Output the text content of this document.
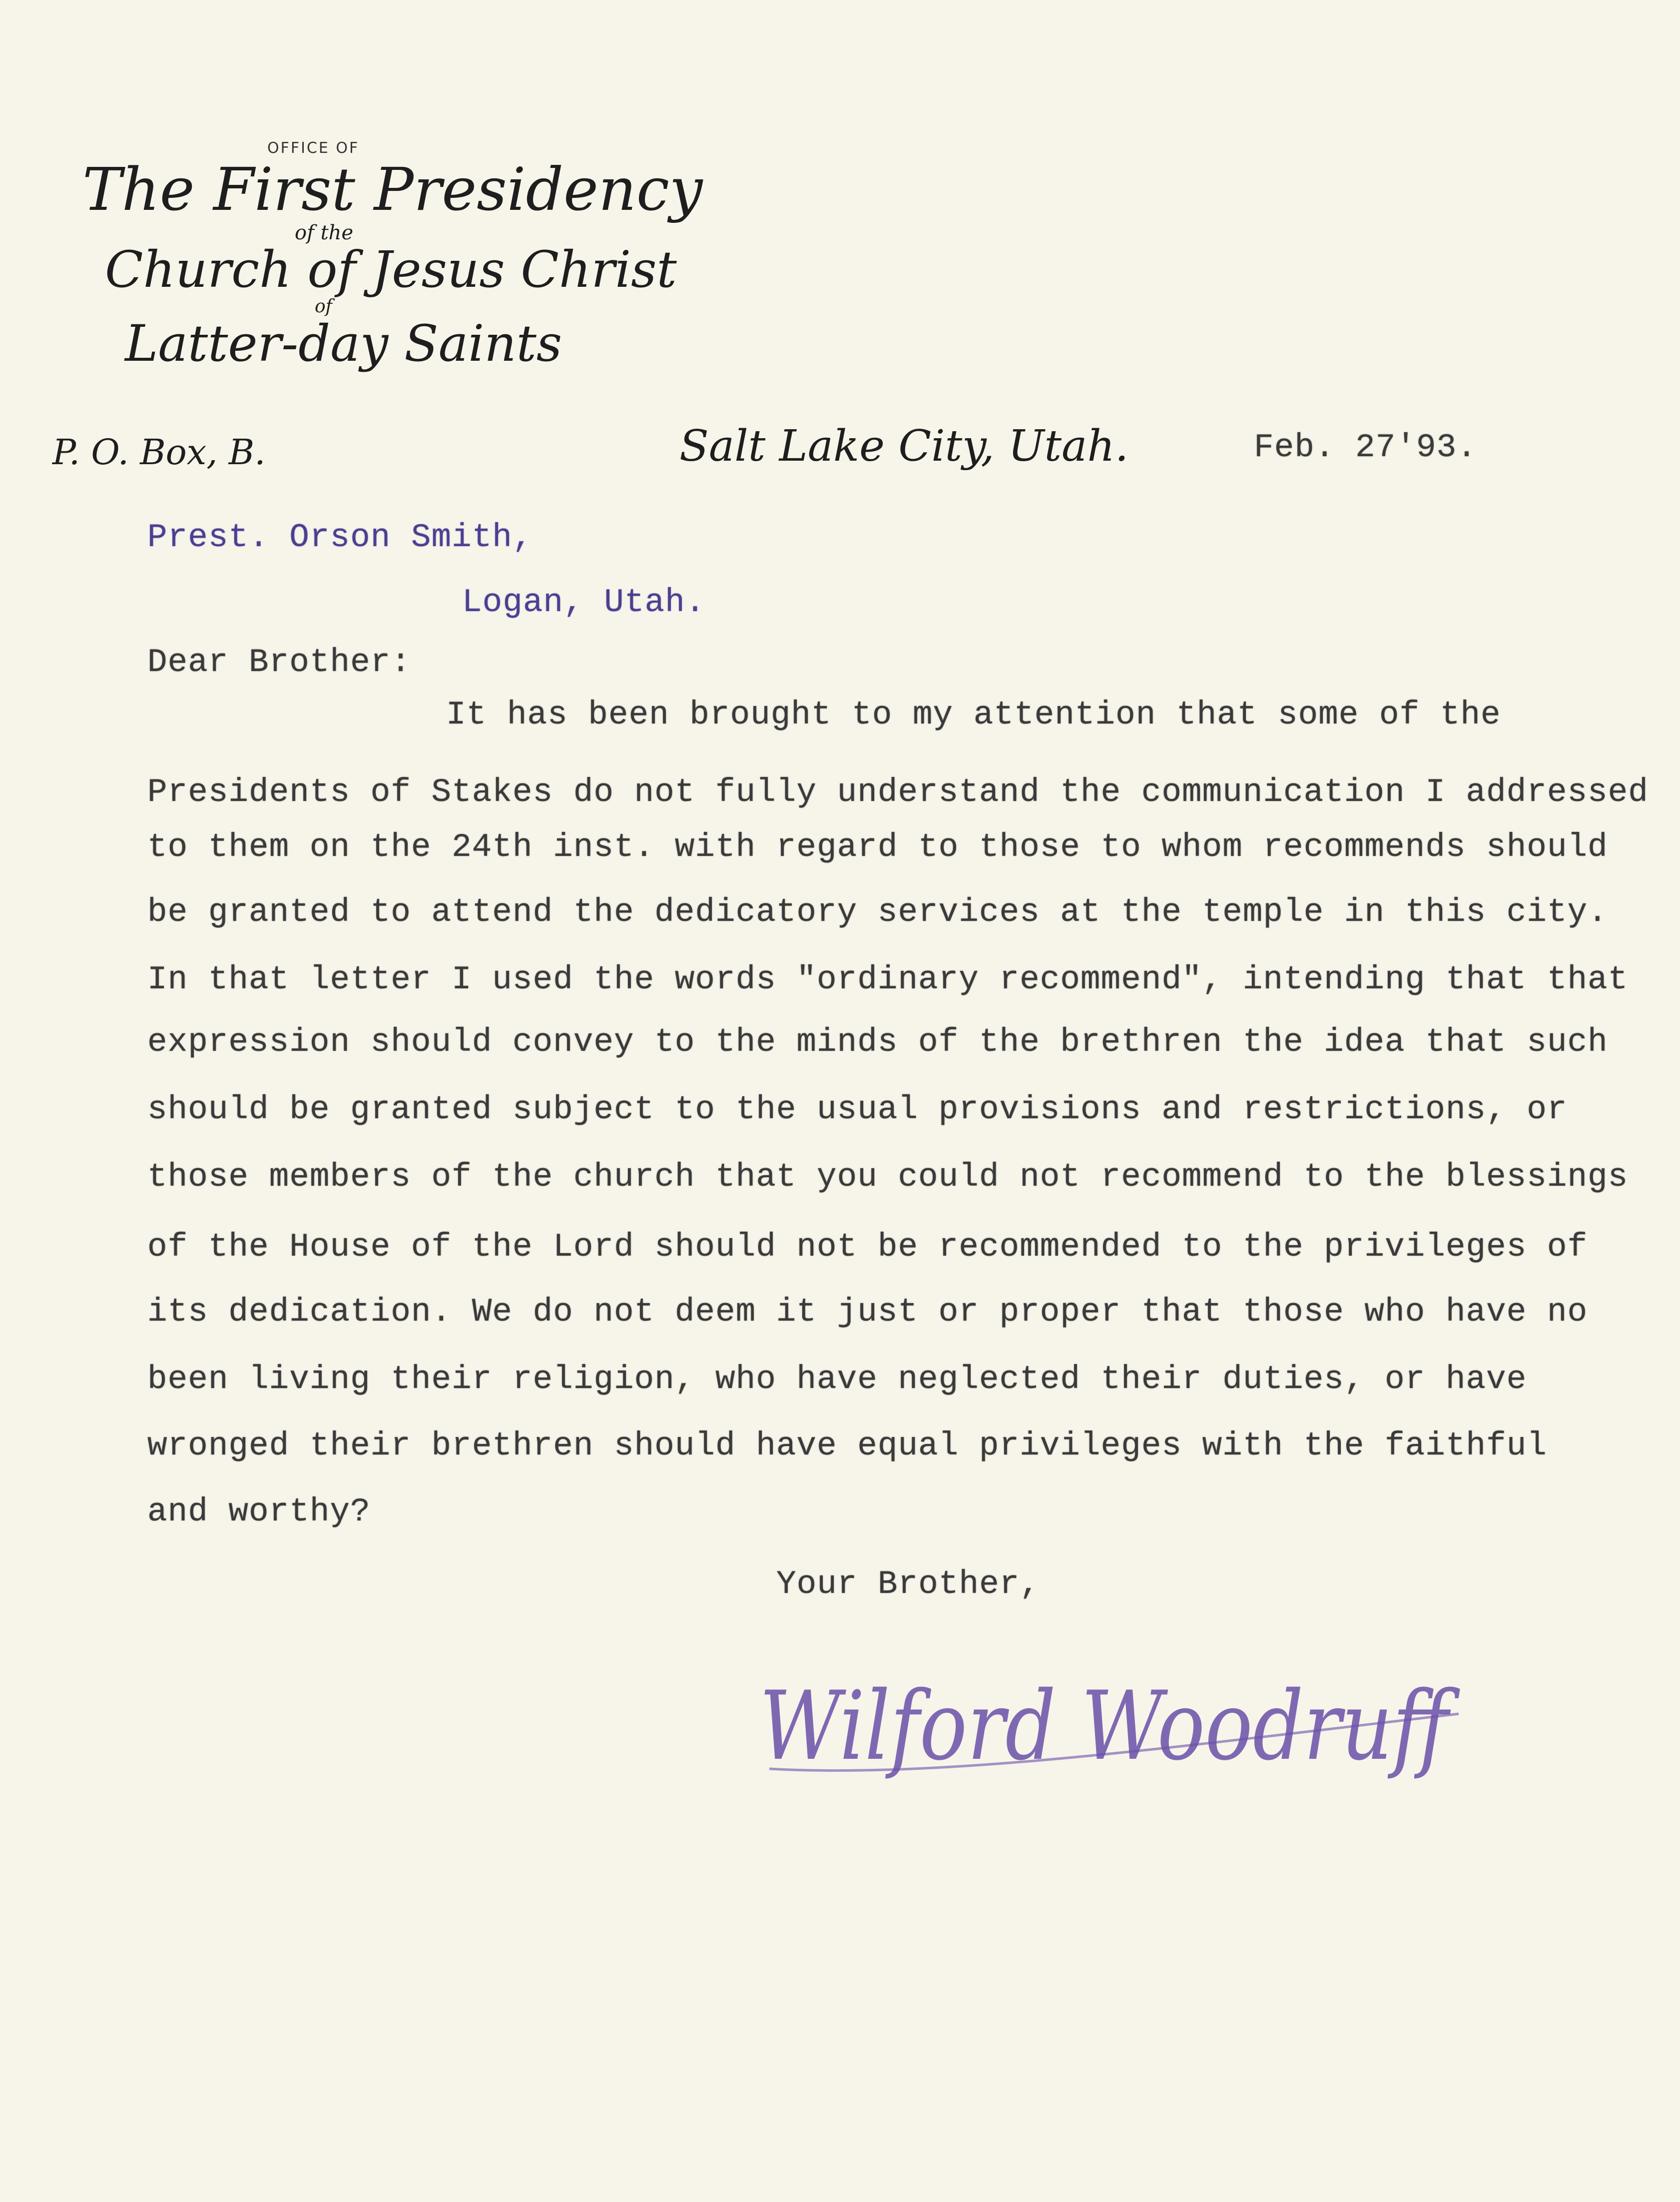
OFFICE OF
The First Presidency
of the
Church of Jesus Christ
of
Latter-day Saints
P. O. Box, B.	Salt Lake City, Utah.	Feb. 27'93.
Prest. Orson Smith,
Logan, Utah.
Dear Brother:
It has been brought to my attention that some of the
Presidents of Stakes do not fully understand the communication I addressed
to them on the 24th inst. with regard to those to whom recommends should
be granted to attend the dedicatory services at the temple in this city.
In that letter I used the words "ordinary recommend", intending that that
expression should convey to the minds of the brethren the idea that such
should be granted subject to the usual provisions and restrictions, or
those members of the church that you could not recommend to the blessings
of the House of the Lord should not be recommended to the privileges of
its dedication. We do not deem it just or proper that those who have no
been living their religion, who have neglected their duties, or have
wronged their brethren should have equal privileges with the faithful
and worthy?
Your Brother,
Wilford Woodruff
